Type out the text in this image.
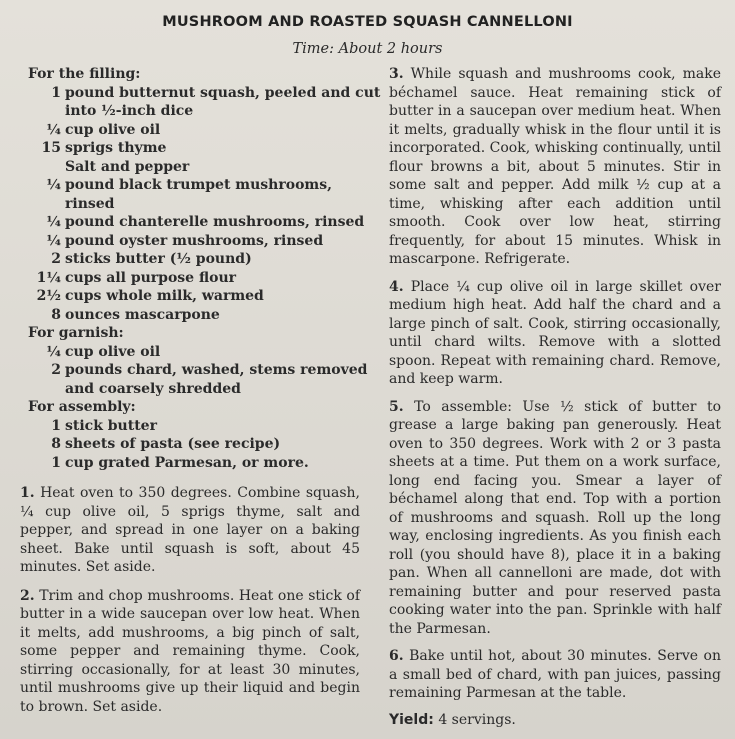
MUSHROOM AND ROASTED SQUASH CANNELLONI
Time: About 2 hours
For the filling:
1 pound butternut squash, peeled and cut
into ½-inch dice
¼ cup olive oil
15 sprigs thyme
Salt and pepper
¼ pound black trumpet mushrooms,
rinsed
¼ pound chanterelle mushrooms, rinsed
¼ pound oyster mushrooms, rinsed
2 sticks butter (½ pound)
1¼ cups all purpose flour
2½ cups whole milk, warmed
8 ounces mascarpone
For garnish:
¼ cup olive oil
2 pounds chard, washed, stems removed
and coarsely shredded
For assembly:
1 stick butter
8 sheets of pasta (see recipe)
1 cup grated Parmesan, or more.

1. Heat oven to 350 degrees. Combine squash, ¼ cup olive oil, 5 sprigs thyme, salt and pepper, and spread in one layer on a baking sheet. Bake until squash is soft, about 45 minutes. Set aside.

2. Trim and chop mushrooms. Heat one stick of butter in a wide saucepan over low heat. When it melts, add mushrooms, a big pinch of salt, some pepper and remaining thyme. Cook, stirring occasionally, for at least 30 minutes, until mushrooms give up their liquid and begin to brown. Set aside.

3. While squash and mushrooms cook, make béchamel sauce. Heat remaining stick of butter in a saucepan over medium heat. When it melts, gradually whisk in the flour until it is incorporated. Cook, whisking continually, until flour browns a bit, about 5 minutes. Stir in some salt and pepper. Add milk ½ cup at a time, whisking after each addition until smooth. Cook over low heat, stirring frequently, for about 15 minutes. Whisk in mascarpone. Refrigerate.

4. Place ¼ cup olive oil in large skillet over medium high heat. Add half the chard and a large pinch of salt. Cook, stirring occasionally, until chard wilts. Remove with a slotted spoon. Repeat with remaining chard. Remove, and keep warm.

5. To assemble: Use ½ stick of butter to grease a large baking pan generously. Heat oven to 350 degrees. Work with 2 or 3 pasta sheets at a time. Put them on a work surface, long end facing you. Smear a layer of béchamel along that end. Top with a portion of mushrooms and squash. Roll up the long way, enclosing ingredients. As you finish each roll (you should have 8), place it in a baking pan. When all cannelloni are made, dot with remaining butter and pour reserved pasta cooking water into the pan. Sprinkle with half the Parmesan.

6. Bake until hot, about 30 minutes. Serve on a small bed of chard, with pan juices, passing remaining Parmesan at the table.

Yield: 4 servings.
